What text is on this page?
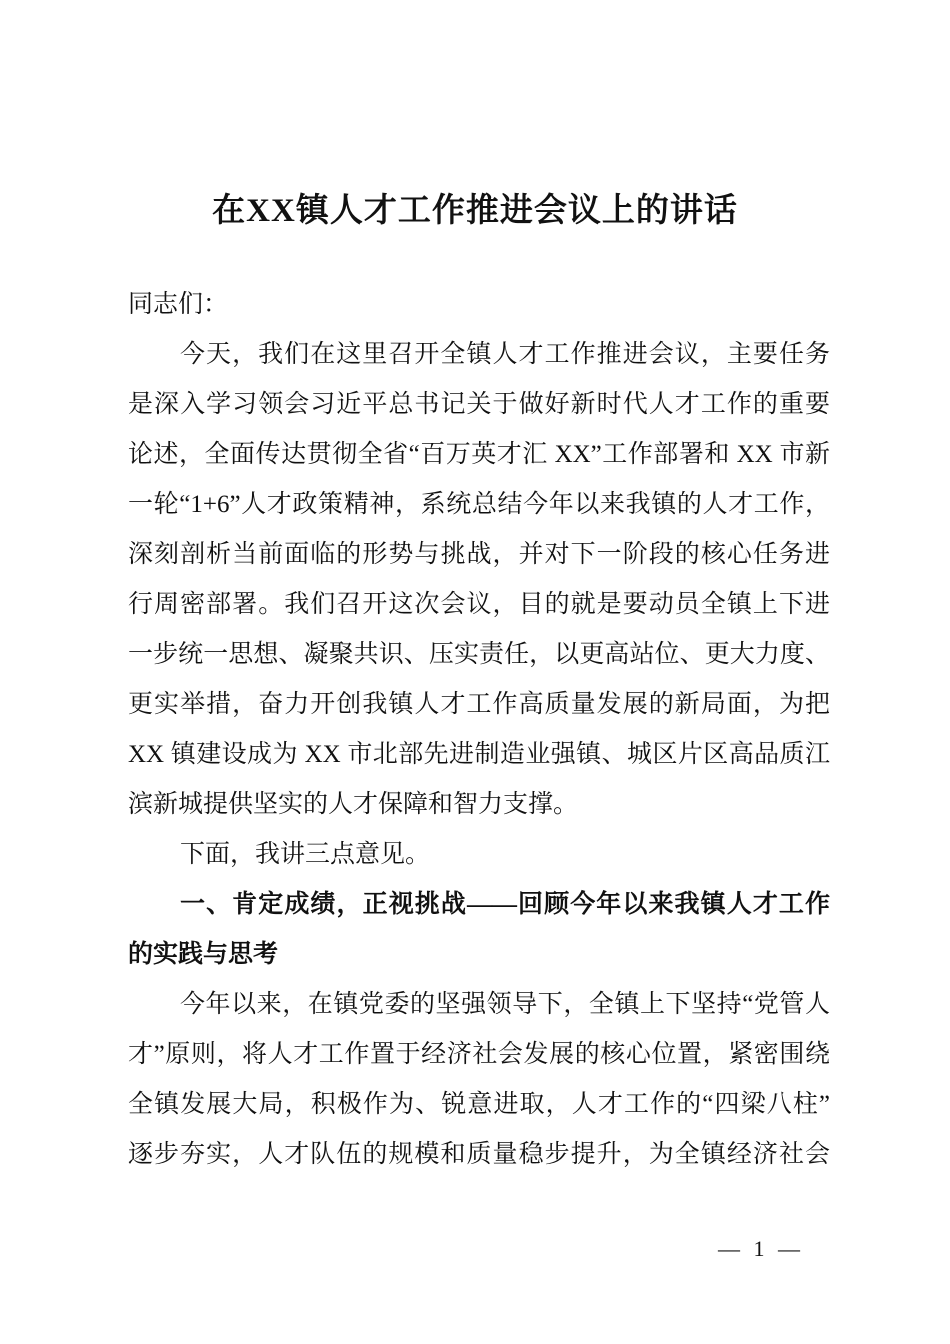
在XX镇人才工作推进会议上的讲话
同志们：
今天，我们在这里召开全镇人才工作推进会议，主要任务
是深入学习领会习近平总书记关于做好新时代人才工作的重要
论述，全面传达贯彻全省“百万英才汇 XX”工作部署和 XX 市新
一轮“1+6”人才政策精神，系统总结今年以来我镇的人才工作，
深刻剖析当前面临的形势与挑战，并对下一阶段的核心任务进
行周密部署。我们召开这次会议，目的就是要动员全镇上下进
一步统一思想、凝聚共识、压实责任，以更高站位、更大力度、
更实举措，奋力开创我镇人才工作高质量发展的新局面，为把
XX 镇建设成为 XX 市北部先进制造业强镇、城区片区高品质江
滨新城提供坚实的人才保障和智力支撑。
下面，我讲三点意见。
一、肯定成绩，正视挑战——回顾今年以来我镇人才工作
的实践与思考
今年以来，在镇党委的坚强领导下，全镇上下坚持“党管人
才”原则，将人才工作置于经济社会发展的核心位置，紧密围绕
全镇发展大局，积极作为、锐意进取，人才工作的“四梁八柱”
逐步夯实，人才队伍的规模和质量稳步提升，为全镇经济社会
— 1 —
